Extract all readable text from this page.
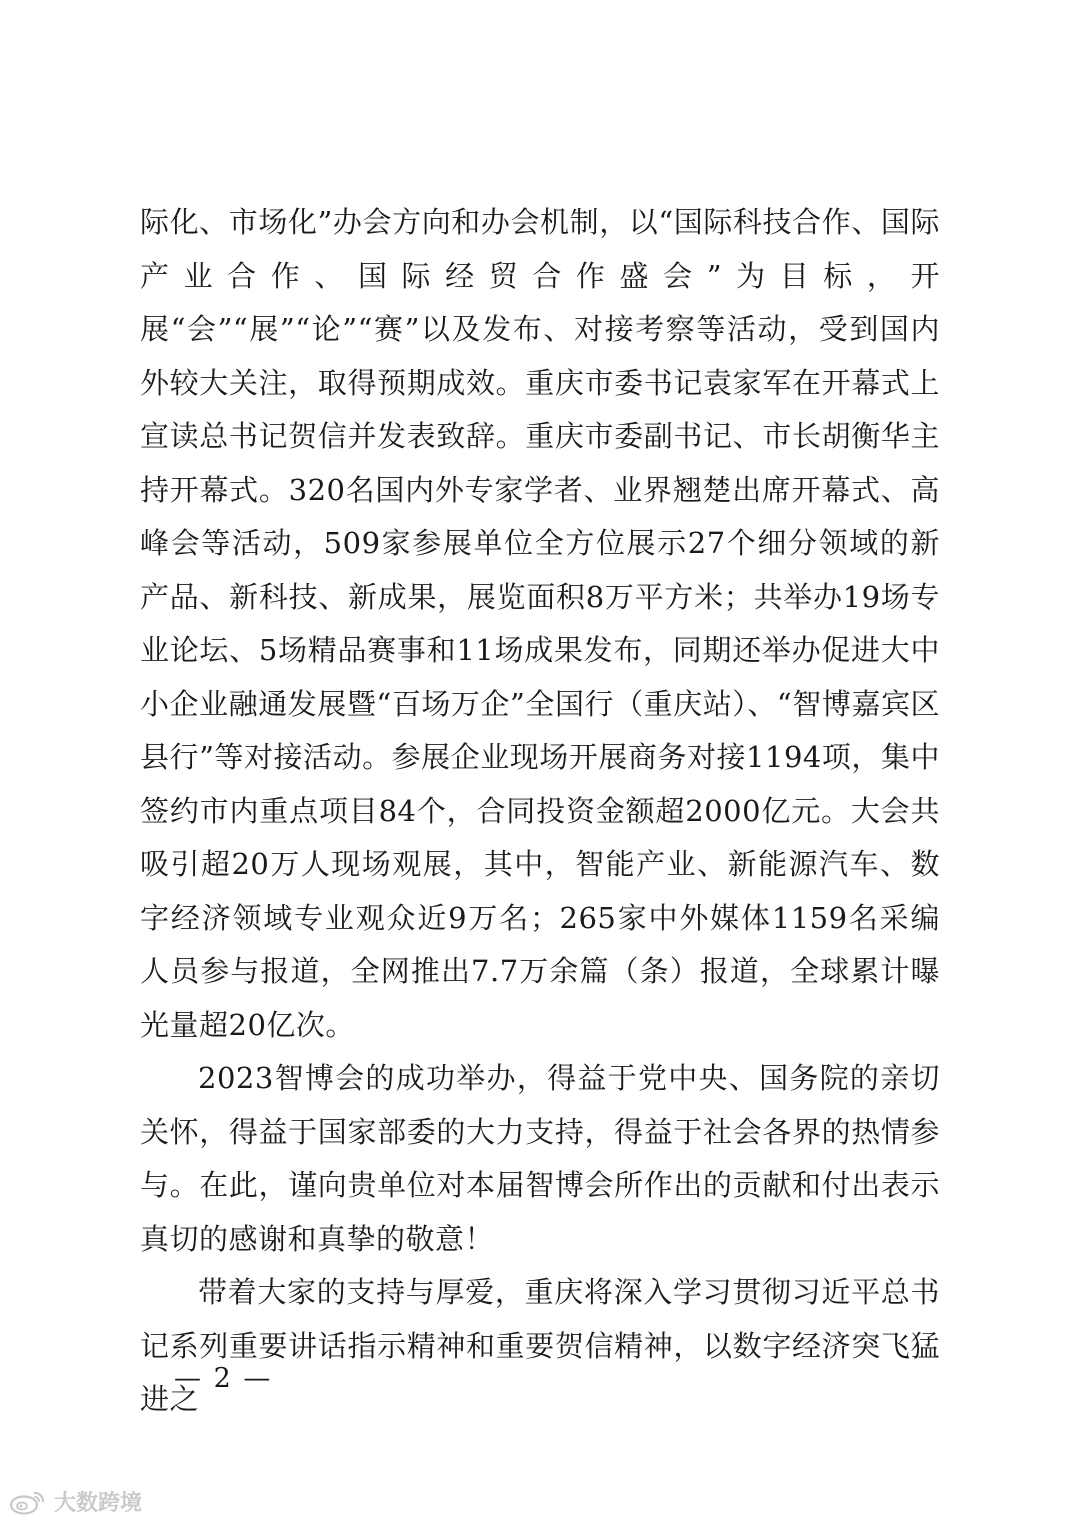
际化、市场化”办会方向和办会机制，以“国际科技合作、国际产业合作、国际经贸合作盛会”为目标，开展“会”“展”“论”“赛”以及发布、对接考察等活动，受到国内外较大关注，取得预期成效。重庆市委书记袁家军在开幕式上宣读总书记贺信并发表致辞。重庆市委副书记、市长胡衡华主持开幕式。320名国内外专家学者、业界翘楚出席开幕式、高峰会等活动，509家参展单位全方位展示27个细分领域的新产品、新科技、新成果，展览面积8万平方米；共举办19场专业论坛、5场精品赛事和11场成果发布，同期还举办促进大中小企业融通发展暨“百场万企”全国行（重庆站）、“智博嘉宾区县行”等对接活动。参展企业现场开展商务对接1194项，集中签约市内重点项目84个，合同投资金额超2000亿元。大会共吸引超20万人现场观展，其中，智能产业、新能源汽车、数字经济领域专业观众近9万名；265家中外媒体1159名采编人员参与报道，全网推出7.7万余篇（条）报道，全球累计曝光量超20亿次。

2023智博会的成功举办，得益于党中央、国务院的亲切关怀，得益于国家部委的大力支持，得益于社会各界的热情参与。在此，谨向贵单位对本届智博会所作出的贡献和付出表示真切的感谢和真挚的敬意！

带着大家的支持与厚爱，重庆将深入学习贯彻习近平总书记系列重要讲话指示精神和重要贺信精神，以数字经济突飞猛进之

— 2 —
大数跨境
